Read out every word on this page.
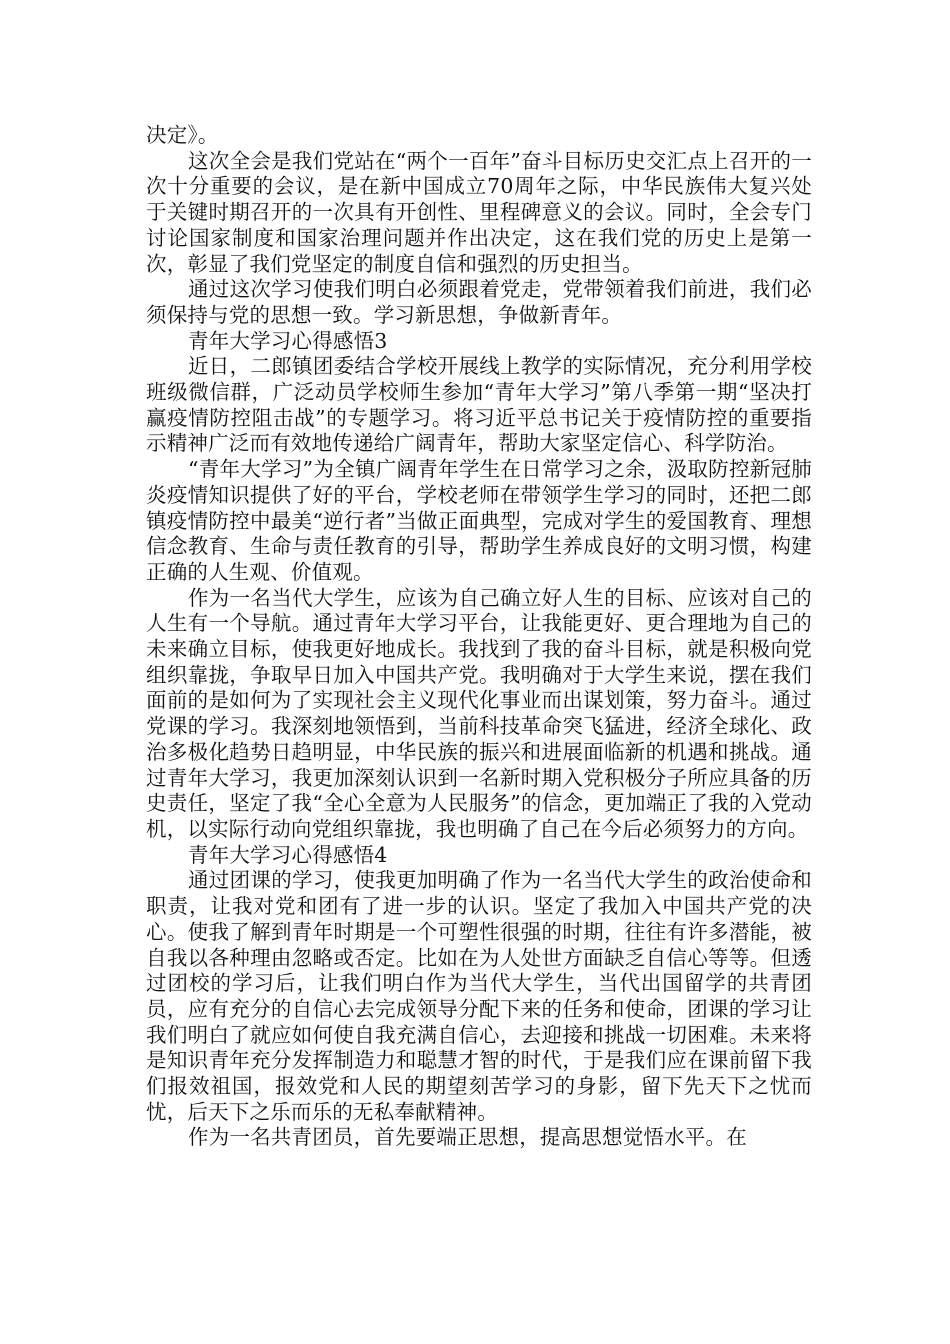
决定》。

这次全会是我们党站在“两个一百年”奋斗目标历史交汇点上召开的一次十分重要的会议，是在新中国成立70周年之际，中华民族伟大复兴处于关键时期召开的一次具有开创性、里程碑意义的会议。同时，全会专门讨论国家制度和国家治理问题并作出决定，这在我们党的历史上是第一次，彰显了我们党坚定的制度自信和强烈的历史担当。

通过这次学习使我们明白必须跟着党走，党带领着我们前进，我们必须保持与党的思想一致。学习新思想，争做新青年。

青年大学习心得感悟3

近日，二郎镇团委结合学校开展线上教学的实际情况，充分利用学校班级微信群，广泛动员学校师生参加“青年大学习”第八季第一期“坚决打赢疫情防控阻击战”的专题学习。将习近平总书记关于疫情防控的重要指示精神广泛而有效地传递给广阔青年，帮助大家坚定信心、科学防治。

“青年大学习”为全镇广阔青年学生在日常学习之余，汲取防控新冠肺炎疫情知识提供了好的平台，学校老师在带领学生学习的同时，还把二郎镇疫情防控中最美“逆行者”当做正面典型，完成对学生的爱国教育、理想信念教育、生命与责任教育的引导，帮助学生养成良好的文明习惯，构建正确的人生观、价值观。

作为一名当代大学生，应该为自己确立好人生的目标、应该对自己的人生有一个导航。通过青年大学习平台，让我能更好、更合理地为自己的未来确立目标，使我更好地成长。我找到了我的奋斗目标，就是积极向党组织靠拢，争取早日加入中国共产党。我明确对于大学生来说，摆在我们面前的是如何为了实现社会主义现代化事业而出谋划策，努力奋斗。通过党课的学习。我深刻地领悟到，当前科技革命突飞猛进，经济全球化、政治多极化趋势日趋明显，中华民族的振兴和进展面临新的机遇和挑战。通过青年大学习，我更加深刻认识到一名新时期入党积极分子所应具备的历史责任，坚定了我“全心全意为人民服务”的信念，更加端正了我的入党动机，以实际行动向党组织靠拢，我也明确了自己在今后必须努力的方向。

青年大学习心得感悟4

通过团课的学习，使我更加明确了作为一名当代大学生的政治使命和职责，让我对党和团有了进一步的认识。坚定了我加入中国共产党的决心。使我了解到青年时期是一个可塑性很强的时期，往往有许多潜能，被自我以各种理由忽略或否定。比如在为人处世方面缺乏自信心等等。但透过团校的学习后，让我们明白作为当代大学生，当代出国留学的共青团员，应有充分的自信心去完成领导分配下来的任务和使命，团课的学习让我们明白了就应如何使自我充满自信心，去迎接和挑战一切困难。未来将是知识青年充分发挥制造力和聪慧才智的时代，于是我们应在课前留下我们报效祖国，报效党和人民的期望刻苦学习的身影，留下先天下之忧而忧，后天下之乐而乐的无私奉献精神。

作为一名共青团员，首先要端正思想，提高思想觉悟水平。在
